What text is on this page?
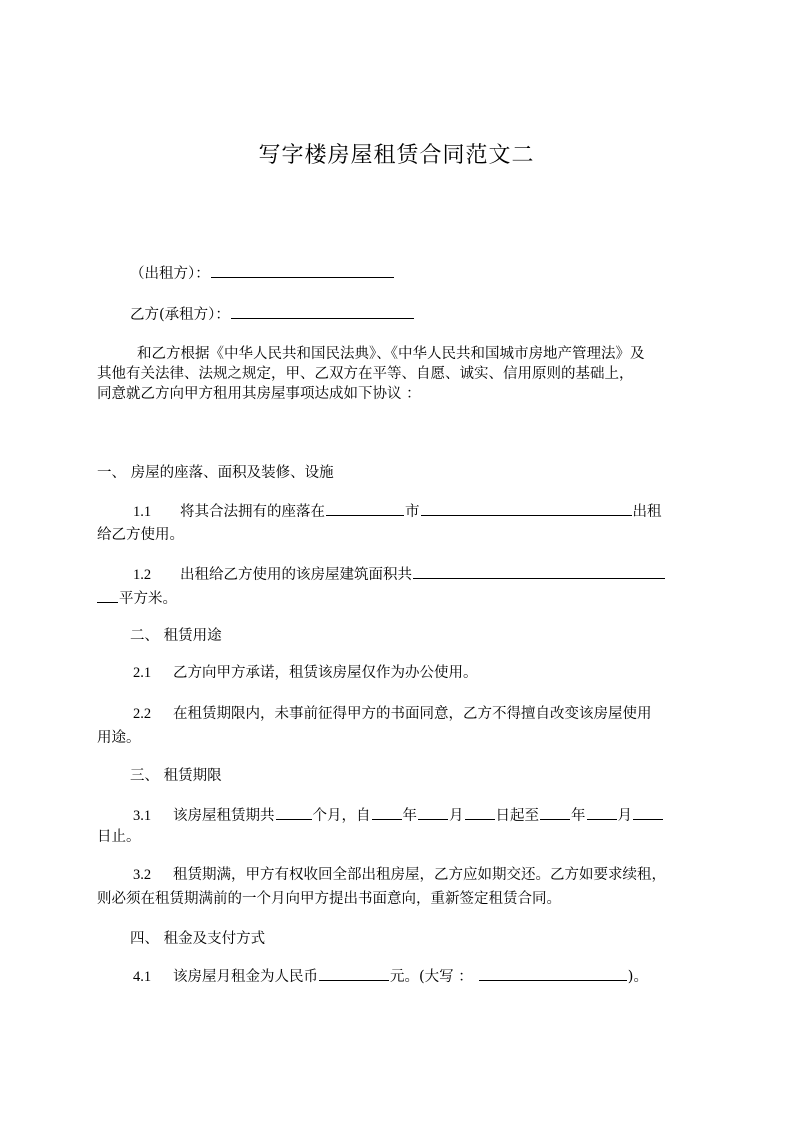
写字楼房屋租赁合同范文二
（出租方）：
乙方(承租方）：
和乙方根据《中华人民共和国民法典》、《中华人民共和国城市房地产管理法》及
其他有关法律、法规之规定，甲、乙双方在平等、自愿、诚实、信用原则的基础上，
同意就乙方向甲方租用其房屋事项达成如下协议 ：
一、 房屋的座落、面积及装修、设施
1.1 将其合法拥有的座落在	市	出租
给乙方使用。
1.2 出租给乙方使用的该房屋建筑面积共
平方米。
二、 租赁用途
2.1 乙方向甲方承诺，租赁该房屋仅作为办公使用。
2.2 在租赁期限内，未事前征得甲方的书面同意，乙方不得擅自改变该房屋使用
用途。
三、 租赁期限
3.1 该房屋租赁期共	个月，自 年 月 日起至 年 月
日止。
3.2 租赁期满，甲方有权收回全部出租房屋，乙方应如期交还。乙方如要求续租，
则必须在租赁期满前的一个月向甲方提出书面意向，重新签定租赁合同。
四、 租金及支付方式
4.1 该房屋月租金为人民币	元。(大写 ：	)。
